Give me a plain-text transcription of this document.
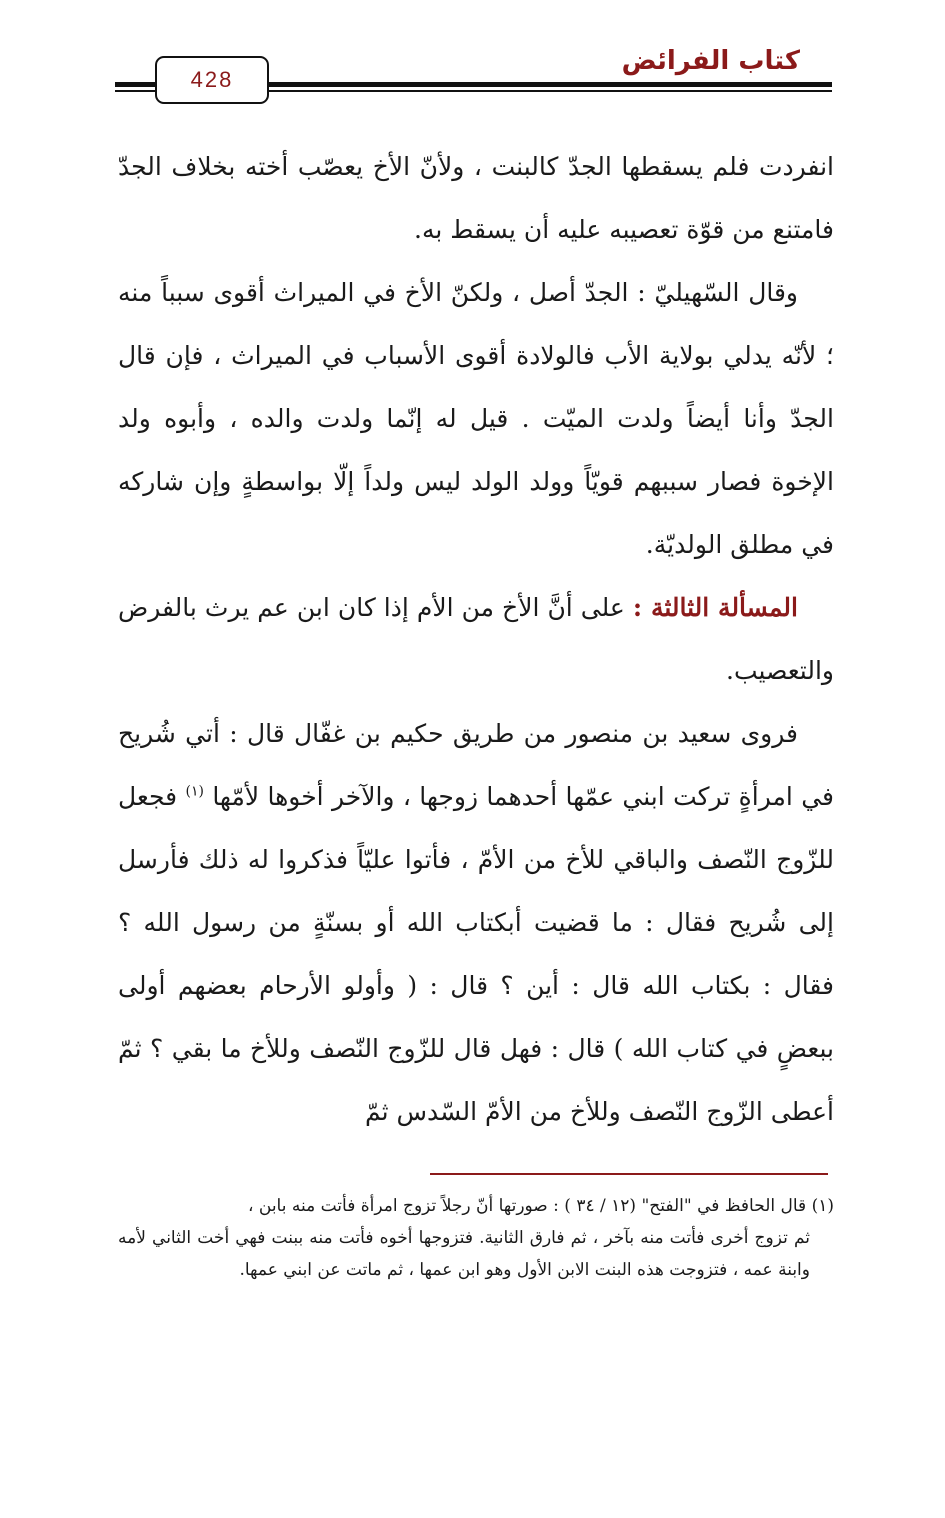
428
كتاب الفرائض

انفردت فلم يسقطها الجدّ كالبنت ، ولأنّ الأخ يعصّب أخته بخلاف الجدّ فامتنع من قوّة تعصيبه عليه أن يسقط به.

وقال السّهيليّ : الجدّ أصل ، ولكنّ الأخ في الميراث أقوى سبباً منه ؛ لأنّه يدلي بولاية الأب فالولادة أقوى الأسباب في الميراث ، فإن قال الجدّ وأنا أيضاً ولدت الميّت . قيل له إنّما ولدت والده ، وأبوه ولد الإخوة فصار سببهم قويّاً وولد الولد ليس ولداً إلّا بواسطةٍ وإن شاركه في مطلق الولديّة.

المسألة الثالثة : على أنَّ الأخ من الأم إذا كان ابن عم يرث بالفرض والتعصيب.

فروى سعيد بن منصور من طريق حكيم بن غفّال قال : أتي شُريح في امرأةٍ تركت ابني عمّها أحدهما زوجها ، والآخر أخوها لأمّها $^{(١)}$ فجعل للزّوج النّصف والباقي للأخ من الأمّ ، فأتوا عليّاً فذكروا له ذلك فأرسل إلى شُريح فقال : ما قضيت أبكتاب الله أو بسنّةٍ من رسول الله ؟ فقال : بكتاب الله قال : أين ؟ قال : ( وأولو الأرحام بعضهم أولى ببعضٍ في كتاب الله ) قال : فهل قال للزّوج النّصف وللأخ ما بقي ؟ ثمّ أعطى الزّوج النّصف وللأخ من الأمّ السّدس ثمّ

(١) قال الحافظ في "الفتح" (١٢ / ٣٤ ) : صورتها أنّ رجلاً تزوج امرأة فأتت منه بابن ،

ثم تزوج أخرى فأتت منه بآخر ، ثم فارق الثانية. فتزوجها أخوه فأتت منه ببنت فهي أخت الثاني لأمه وابنة عمه ، فتزوجت هذه البنت الابن الأول وهو ابن عمها ، ثم ماتت عن ابني عمها.
